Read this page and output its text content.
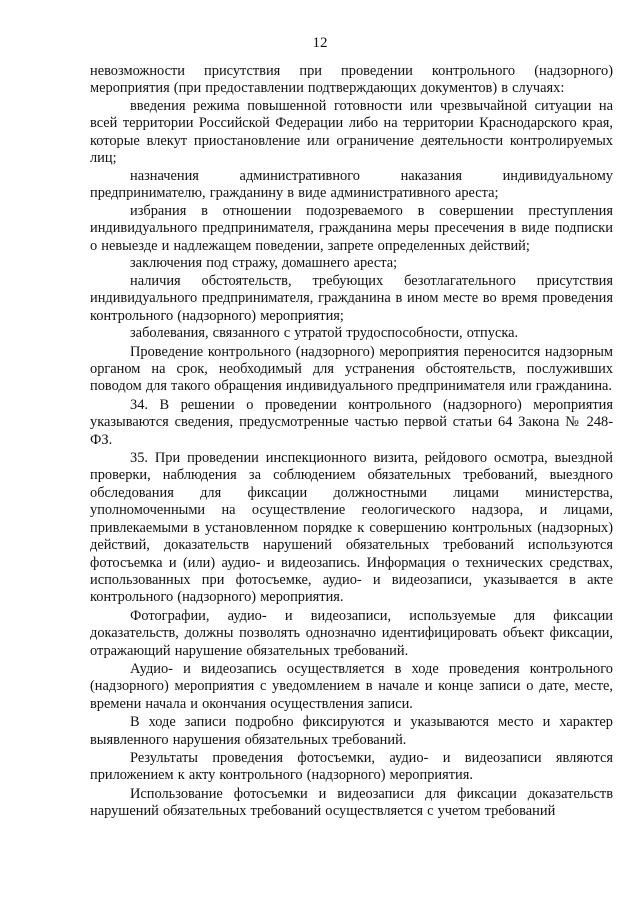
12

невозможности присутствия при проведении контрольного (надзорного) мероприятия (при предоставлении подтверждающих документов) в случаях:

введения режима повышенной готовности или чрезвычайной ситуации на всей территории Российской Федерации либо на территории Краснодарского края, которые влекут приостановление или ограничение деятельности контролируемых лиц;

назначения административного наказания индивидуальному предпринимателю, гражданину в виде административного ареста;

избрания в отношении подозреваемого в совершении преступления индивидуального предпринимателя, гражданина меры пресечения в виде подписки о невыезде и надлежащем поведении, запрете определенных действий;

заключения под стражу, домашнего ареста;

наличия обстоятельств, требующих безотлагательного присутствия индивидуального предпринимателя, гражданина в ином месте во время проведения контрольного (надзорного) мероприятия;

заболевания, связанного с утратой трудоспособности, отпуска.

Проведение контрольного (надзорного) мероприятия переносится надзорным органом на срок, необходимый для устранения обстоятельств, послуживших поводом для такого обращения индивидуального предпринимателя или гражданина.

34. В решении о проведении контрольного (надзорного) мероприятия указываются сведения, предусмотренные частью первой статьи 64 Закона № 248-ФЗ.

35. При проведении инспекционного визита, рейдового осмотра, выездной проверки, наблюдения за соблюдением обязательных требований, выездного обследования для фиксации должностными лицами министерства, уполномоченными на осуществление геологического надзора, и лицами, привлекаемыми в установленном порядке к совершению контрольных (надзорных) действий, доказательств нарушений обязательных требований используются фотосъемка и (или) аудио- и видеозапись. Информация о технических средствах, использованных при фотосъемке, аудио- и видеозаписи, указывается в акте контрольного (надзорного) мероприятия.

Фотографии, аудио- и видеозаписи, используемые для фиксации доказательств, должны позволять однозначно идентифицировать объект фиксации, отражающий нарушение обязательных требований.

Аудио- и видеозапись осуществляется в ходе проведения контрольного (надзорного) мероприятия с уведомлением в начале и конце записи о дате, месте, времени начала и окончания осуществления записи.

В ходе записи подробно фиксируются и указываются место и характер выявленного нарушения обязательных требований.

Результаты проведения фотосъемки, аудио- и видеозаписи являются приложением к акту контрольного (надзорного) мероприятия.

Использование фотосъемки и видеозаписи для фиксации доказательств нарушений обязательных требований осуществляется с учетом требований
